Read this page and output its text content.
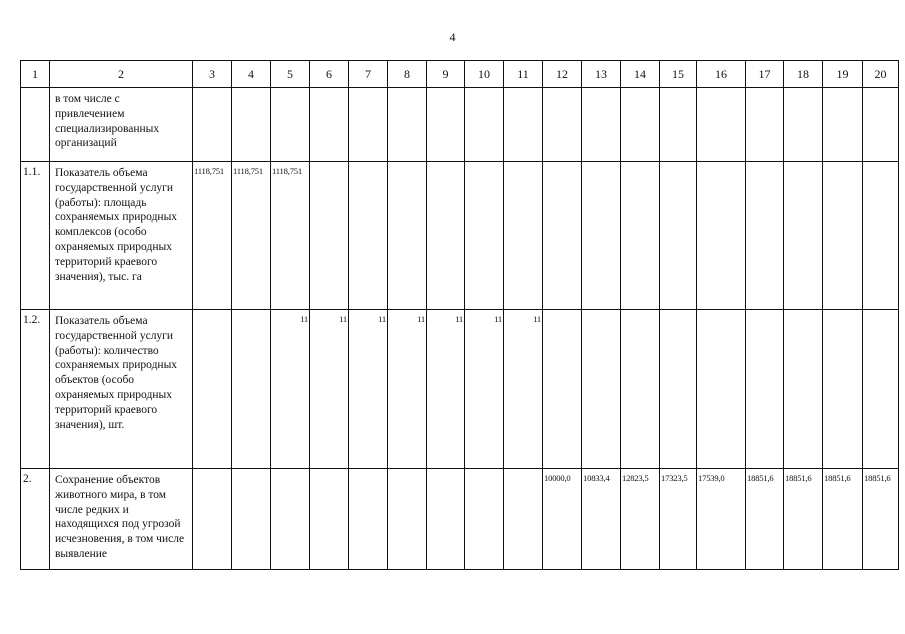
4
1	2	3	4	5	6	7	8	9	10	11	12	13	14	15	16	17	18	19	20
	в том числе с привлечением специализированных организаций																		
1.1.	Показатель объема государственной услуги (работы): площадь сохраняемых природных комплексов (особо охраняемых природных территорий краевого значения), тыс. га	1118,751	1118,751	1118,751															
1.2.	Показатель объема государственной услуги (работы): количество сохраняемых природных объектов (особо охраняемых природных территорий краевого значения), шт.			11	11	11	11	11	11	11									
2.	Сохранение объектов животного мира, в том числе редких и находящихся под угрозой исчезновения, в том числе выявление										10000,0	10833,4	12823,5	17323,5	17539,0	18851,6	18851,6	18851,6	18851,6
